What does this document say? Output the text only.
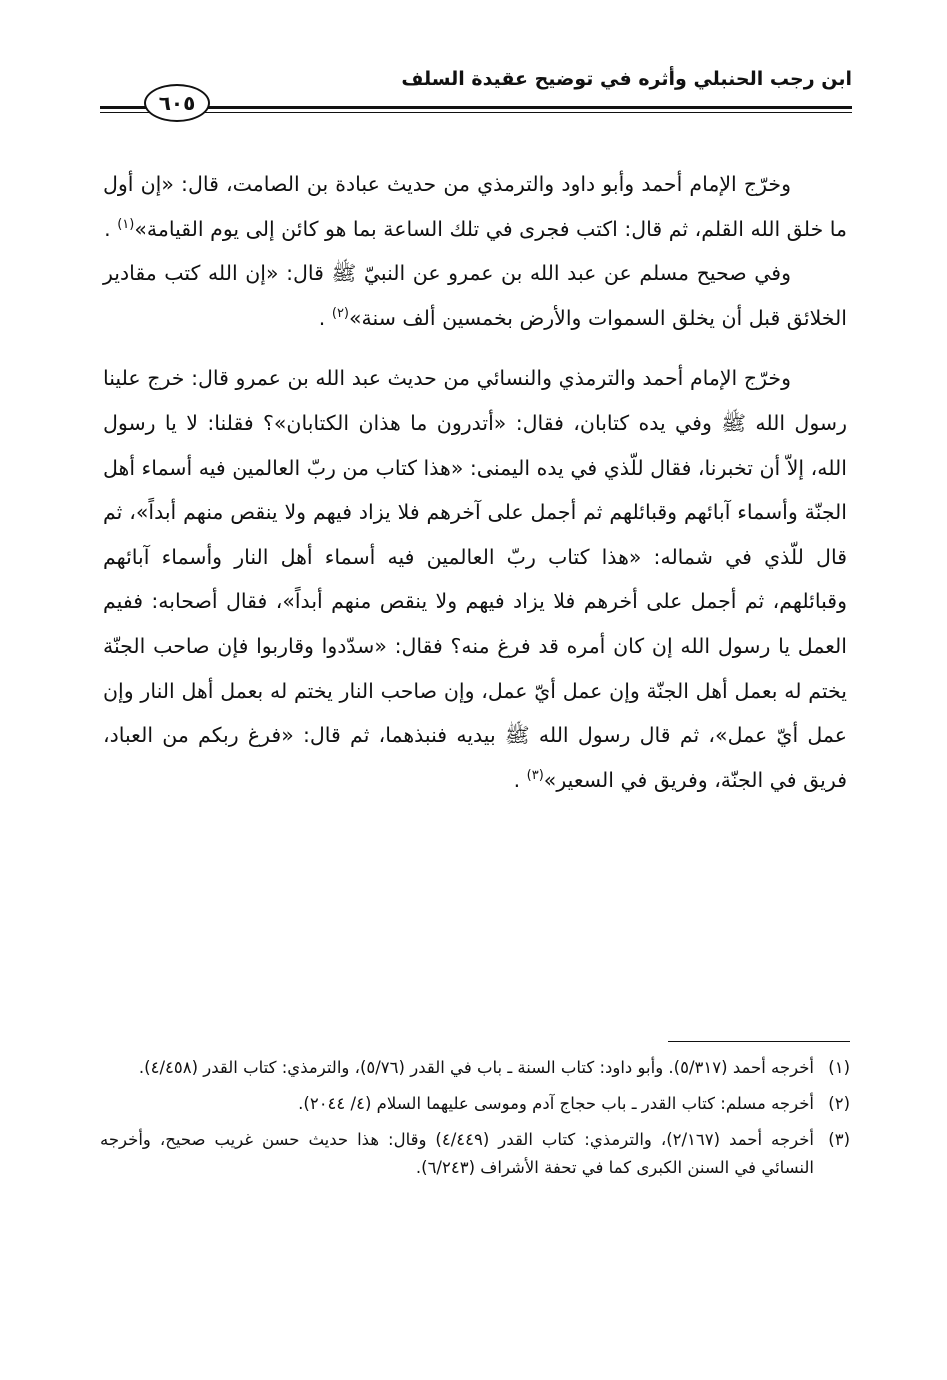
ابن رجب الحنبلي وأثره في توضيح عقيدة السلف
٦٠٥

وخرّج الإمام أحمد وأبو داود والترمذي من حديث عبادة بن الصامت، قال: «إن أول ما خلق الله القلم، ثم قال: اكتب فجرى في تلك الساعة بما هو كائن إلى يوم القيامة»$^{(١)}$ .

وفي صحيح مسلم عن عبد الله بن عمرو عن النبيّ ﷺ قال: «إن الله كتب مقادير الخلائق قبل أن يخلق السموات والأرض بخمسين ألف سنة»$^{(٢)}$ .

وخرّج الإمام أحمد والترمذي والنسائي من حديث عبد الله بن عمرو قال: خرج علينا رسول الله ﷺ وفي يده كتابان، فقال: «أتدرون ما هذان الكتابان»؟ فقلنا: لا يا رسول الله، إلاّ أن تخبرنا، فقال للّذي في يده اليمنى: «هذا كتاب من ربّ العالمين فيه أسماء أهل الجنّة وأسماء آبائهم وقبائلهم ثم أجمل على آخرهم فلا يزاد فيهم ولا ينقص منهم أبداً»، ثم قال للّذي في شماله: «هذا كتاب ربّ العالمين فيه أسماء أهل النار وأسماء آبائهم وقبائلهم، ثم أجمل على أخرهم فلا يزاد فيهم ولا ينقص منهم أبداً»، فقال أصحابه: ففيم العمل يا رسول الله إن كان أمره قد فرغ منه؟ فقال: «سدّدوا وقاربوا فإن صاحب الجنّة يختم له بعمل أهل الجنّة وإن عمل أيّ عمل، وإن صاحب النار يختم له بعمل أهل النار وإن عمل أيّ عمل»، ثم قال رسول الله ﷺ بيديه فنبذهما، ثم قال: «فرغ ربكم من العباد، فريق في الجنّة، وفريق في السعير»$^{(٣)}$ .

(١)
أخرجه أحمد (٥/٣١٧). وأبو داود: كتاب السنة ـ باب في القدر (٥/٧٦)، والترمذي: كتاب القدر (٤/٤٥٨).
(٢)
أخرجه مسلم: كتاب القدر ـ باب حجاج آدم وموسى عليهما السلام (٤/ ٢٠٤٤).
(٣)
أخرجه أحمد (٢/١٦٧)، والترمذي: كتاب القدر (٤/٤٤٩) وقال: هذا حديث حسن غريب صحيح، وأخرجه النسائي في السنن الكبرى كما في تحفة الأشراف (٦/٢٤٣).
